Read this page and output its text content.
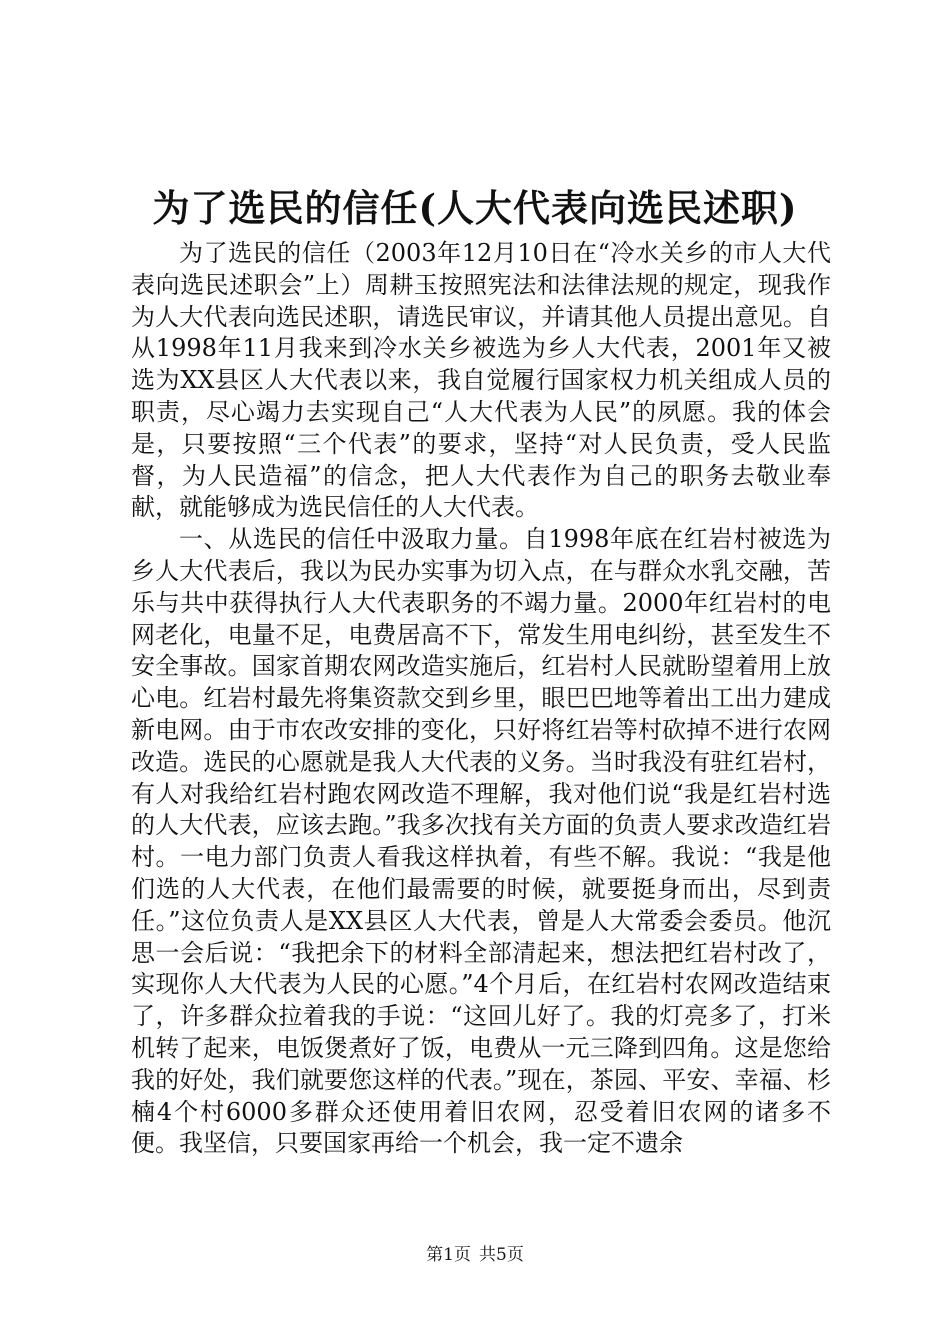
为了选民的信任(人大代表向选民述职)

为了选民的信任（2003年12月10日在“冷水关乡的市人大代表向选民述职会”上）周耕玉按照宪法和法律法规的规定，现我作为人大代表向选民述职，请选民审议，并请其他人员提出意见。自从1998年11月我来到冷水关乡被选为乡人大代表，2001年又被选为XX县区人大代表以来，我自觉履行国家权力机关组成人员的职责，尽心竭力去实现自己“人大代表为人民”的夙愿。我的体会是，只要按照“三个代表”的要求，坚持“对人民负责，受人民监督，为人民造福”的信念，把人大代表作为自己的职务去敬业奉献，就能够成为选民信任的人大代表。

一、从选民的信任中汲取力量。自1998年底在红岩村被选为乡人大代表后，我以为民办实事为切入点，在与群众水乳交融，苦乐与共中获得执行人大代表职务的不竭力量。2000年红岩村的电网老化，电量不足，电费居高不下，常发生用电纠纷，甚至发生不安全事故。国家首期农网改造实施后，红岩村人民就盼望着用上放心电。红岩村最先将集资款交到乡里，眼巴巴地等着出工出力建成新电网。由于市农改安排的变化，只好将红岩等村砍掉不进行农网改造。选民的心愿就是我人大代表的义务。当时我没有驻红岩村，有人对我给红岩村跑农网改造不理解，我对他们说“我是红岩村选的人大代表，应该去跑。”我多次找有关方面的负责人要求改造红岩村。一电力部门负责人看我这样执着，有些不解。我说：“我是他们选的人大代表，在他们最需要的时候，就要挺身而出，尽到责任。”这位负责人是XX县区人大代表，曾是人大常委会委员。他沉思一会后说：“我把余下的材料全部清起来，想法把红岩村改了，实现你人大代表为人民的心愿。”4个月后，在红岩村农网改造结束了，许多群众拉着我的手说：“这回儿好了。我的灯亮多了，打米机转了起来，电饭煲煮好了饭，电费从一元三降到四角。这是您给我的好处，我们就要您这样的代表。”现在，茶园、平安、幸福、杉楠4个村6000多群众还使用着旧农网，忍受着旧农网的诸多不便。我坚信，只要国家再给一个机会，我一定不遗余

第1页 共5页
